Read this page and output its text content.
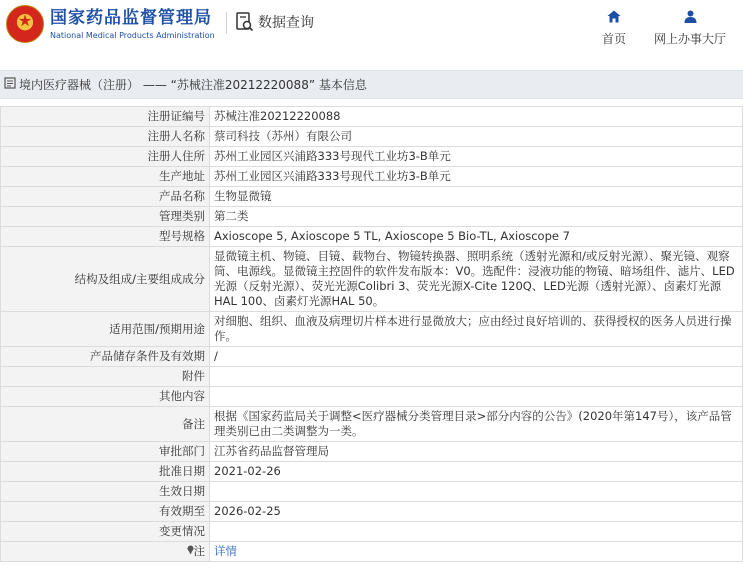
★
国家药品监督管理局
National Medical Products Administration
数据查询
首页	网上办事大厅
境内医疗器械（注册） —— “苏械注准20212220088” 基本信息
注册证编号	苏械注准20212220088
注册人名称	蔡司科技（苏州）有限公司
注册人住所	苏州工业园区兴浦路333号现代工业坊3-B单元
生产地址	苏州工业园区兴浦路333号现代工业坊3-B单元
产品名称	生物显微镜
管理类别	第二类
型号规格	Axioscope 5, Axioscope 5 TL, Axioscope 5 Bio-TL, Axioscope 7
结构及组成/主要组成成分	显微镜主机、物镜、目镜、载物台、物镜转换器、照明系统（透射光源和/或反射光源）、聚光镜、观察筒、电源线。显微镜主控固件的软件发布版本：V0。选配件：浸液功能的物镜、暗场组件、滤片、LED光源（反射光源）、荧光光源Colibri 3、荧光光源X-Cite 120Q、LED光源（透射光源）、卤素灯光源HAL 100、卤素灯光源HAL 50。
适用范围/预期用途	对细胞、组织、血液及病理切片样本进行显微放大；应由经过良好培训的、获得授权的医务人员进行操作。
产品储存条件及有效期	/
附件	
其他内容	
备注	根据《国家药监局关于调整<医疗器械分类管理目录>部分内容的公告》(2020年第147号），该产品管理类别已由二类调整为一类。
审批部门	江苏省药品监督管理局
批准日期	2021-02-26
生效日期	
有效期至	2026-02-25
变更情况	
注	详情
